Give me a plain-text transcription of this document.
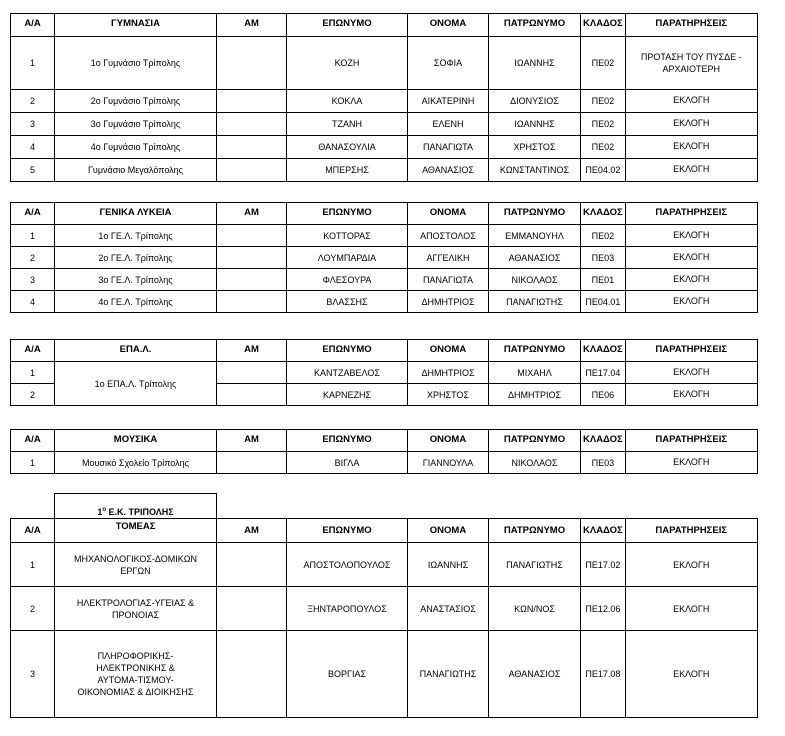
Α/Α	ΓΥΜΝΑΣΙΑ	ΑΜ	ΕΠΩΝΥΜΟ	ΟΝΟΜΑ	ΠΑΤΡΩΝΥΜΟ	ΚΛΑΔΟΣ	ΠΑΡΑΤΗΡΗΣΕΙΣ
1	1ο Γυμνάσιο Τρίπολης		ΚΟΖΗ	ΣΟΦΙΑ	ΙΩΑΝΝΗΣ	ΠΕ02	ΠΡΟΤΑΣΗ ΤΟΥ ΠΥΣΔΕ - ΑΡΧΑΙΟΤΕΡΗ
2	2ο Γυμνάσιο Τρίπολης		ΚΟΚΛΑ	ΑΙΚΑΤΕΡΙΝΗ	ΔΙΟΝΥΣΙΟΣ	ΠΕ02	ΕΚΛΟΓΗ
3	3ο Γυμνάσιο Τρίπολης		ΤΖΑΝΗ	ΕΛΕΝΗ	ΙΩΑΝΝΗΣ	ΠΕ02	ΕΚΛΟΓΗ
4	4ο Γυμνάσιο Τρίπολης		ΘΑΝΑΣΟΥΛΙΑ	ΠΑΝΑΓΙΩΤΑ	ΧΡΗΣΤΟΣ	ΠΕ02	ΕΚΛΟΓΗ
5	Γυμνάσιο Μεγαλόπολης		ΜΠΕΡΣΗΣ	ΑΘΑΝΑΣΙΟΣ	ΚΩΝΣΤΑΝΤΙΝΟΣ	ΠΕ04.02	ΕΚΛΟΓΗ
Α/Α	ΓΕΝΙΚΑ ΛΥΚΕΙΑ	ΑΜ	ΕΠΩΝΥΜΟ	ΟΝΟΜΑ	ΠΑΤΡΩΝΥΜΟ	ΚΛΑΔΟΣ	ΠΑΡΑΤΗΡΗΣΕΙΣ
1	1ο ΓΕ.Λ. Τρίπολης		ΚΟΤΤΟΡΑΣ	ΑΠΟΣΤΟΛΟΣ	ΕΜΜΑΝΟΥΗΛ	ΠΕ02	ΕΚΛΟΓΗ
2	2ο ΓΕ.Λ. Τρίπολης		ΛΟΥΜΠΑΡΔΙΑ	ΑΓΓΕΛΙΚΗ	ΑΘΑΝΑΣΙΟΣ	ΠΕ03	ΕΚΛΟΓΗ
3	3ο ΓΕ.Λ. Τρίπολης		ΦΛΕΣΟΥΡΑ	ΠΑΝΑΓΙΩΤΑ	ΝΙΚΟΛΑΟΣ	ΠΕ01	ΕΚΛΟΓΗ
4	4ο ΓΕ.Λ. Τρίπολης		ΒΛΑΣΣΗΣ	ΔΗΜΗΤΡΙΟΣ	ΠΑΝΑΓΙΩΤΗΣ	ΠΕ04.01	ΕΚΛΟΓΗ
Α/Α	ΕΠΑ.Λ.	ΑΜ	ΕΠΩΝΥΜΟ	ΟΝΟΜΑ	ΠΑΤΡΩΝΥΜΟ	ΚΛΑΔΟΣ	ΠΑΡΑΤΗΡΗΣΕΙΣ
1	1ο ΕΠΑ.Λ. Τρίπολης		ΚΑΝΤΖΑΒΕΛΟΣ	ΔΗΜΗΤΡΙΟΣ	ΜΙΧΑΗΛ	ΠΕ17.04	ΕΚΛΟΓΗ
2			ΚΑΡΝΕΖΗΣ	ΧΡΗΣΤΟΣ	ΔΗΜΗΤΡΙΟΣ	ΠΕ06	ΕΚΛΟΓΗ
Α/Α	ΜΟΥΣΙΚΑ	ΑΜ	ΕΠΩΝΥΜΟ	ΟΝΟΜΑ	ΠΑΤΡΩΝΥΜΟ	ΚΛΑΔΟΣ	ΠΑΡΑΤΗΡΗΣΕΙΣ
1	Μουσικό Σχολείο Τρίπολης		ΒΙΓΛΑ	ΓΙΑΝΝΟΥΛΑ	ΝΙΚΟΛΑΟΣ	ΠΕ03	ΕΚΛΟΓΗ
	$1^o$ Ε.Κ. ΤΡΙΠΟΛΗΣ						
Α/Α	ΤΟΜΕΑΣ	ΑΜ	ΕΠΩΝΥΜΟ	ΟΝΟΜΑ	ΠΑΤΡΩΝΥΜΟ	ΚΛΑΔΟΣ	ΠΑΡΑΤΗΡΗΣΕΙΣ
1	ΜΗΧΑΝΟΛΟΓΙΚΟΣ-ΔΟΜΙΚΩΝ ΕΡΓΩΝ		ΑΠΟΣΤΟΛΟΠΟΥΛΟΣ	ΙΩΑΝΝΗΣ	ΠΑΝΑΓΙΩΤΗΣ	ΠΕ17.02	ΕΚΛΟΓΗ
2	ΗΛΕΚΤΡΟΛΟΓΙΑΣ-ΥΓΕΙΑΣ & ΠΡΟΝΟΙΑΣ		ΞΗΝΤΑΡΟΠΟΥΛΟΣ	ΑΝΑΣΤΑΣΙΟΣ	ΚΩΝ/ΝΟΣ	ΠΕ12.06	ΕΚΛΟΓΗ
3	ΠΛΗΡΟΦΟΡΙΚΗΣ-ΗΛΕΚΤΡΟΝΙΚΗΣ & ΑΥΤΟΜΑ-ΤΙΣΜΟΥ- ΟΙΚΟΝΟΜΙΑΣ & ΔΙΟΙΚΗΣΗΣ		ΒΟΡΓΙΑΣ	ΠΑΝΑΓΙΩΤΗΣ	ΑΘΑΝΑΣΙΟΣ	ΠΕ17.08	ΕΚΛΟΓΗ
